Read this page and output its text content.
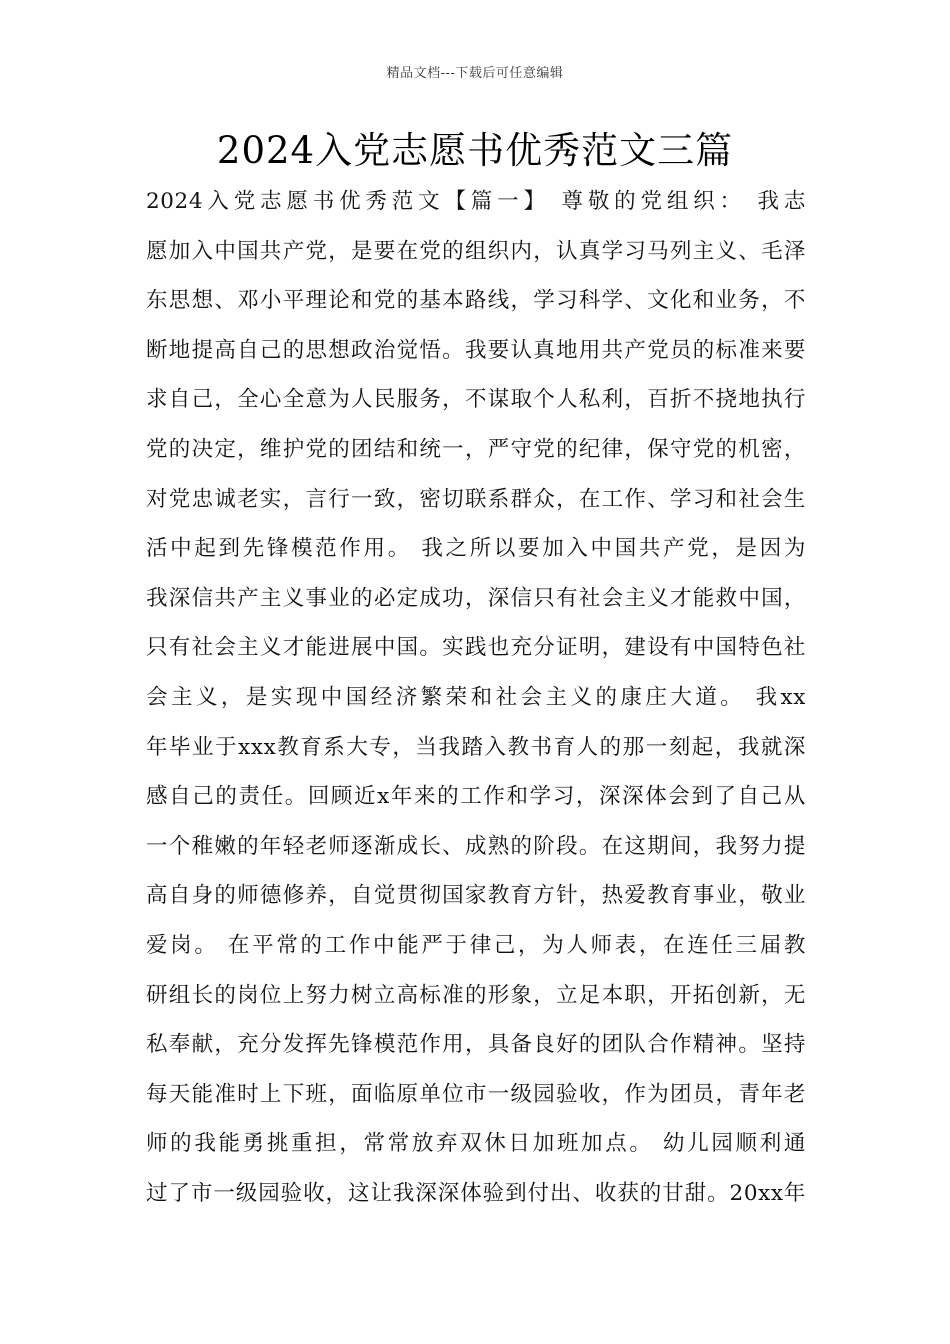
精品文档---下载后可任意编辑
2024入党志愿书优秀范文三篇
2024入党志愿书优秀范文【篇一】 尊敬的党组织： 我志
愿加入中国共产党，是要在党的组织内，认真学习马列主义、毛泽
东思想、邓小平理论和党的基本路线，学习科学、文化和业务，不
断地提高自己的思想政治觉悟。我要认真地用共产党员的标准来要
求自己，全心全意为人民服务，不谋取个人私利，百折不挠地执行
党的决定，维护党的团结和统一，严守党的纪律，保守党的机密，
对党忠诚老实，言行一致，密切联系群众，在工作、学习和社会生
活中起到先锋模范作用。 我之所以要加入中国共产党，是因为
我深信共产主义事业的必定成功，深信只有社会主义才能救中国，
只有社会主义才能进展中国。实践也充分证明，建设有中国特色社
会主义，是实现中国经济繁荣和社会主义的康庄大道。 我xx
年毕业于xxx教育系大专，当我踏入教书育人的那一刻起，我就深
感自己的责任。回顾近x年来的工作和学习，深深体会到了自己从
一个稚嫩的年轻老师逐渐成长、成熟的阶段。在这期间，我努力提
高自身的师德修养，自觉贯彻国家教育方针，热爱教育事业，敬业
爱岗。 在平常的工作中能严于律己，为人师表，在连任三届教
研组长的岗位上努力树立高标准的形象，立足本职，开拓创新，无
私奉献，充分发挥先锋模范作用，具备良好的团队合作精神。坚持
每天能准时上下班，面临原单位市一级园验收，作为团员，青年老
师的我能勇挑重担，常常放弃双休日加班加点。 幼儿园顺利通
过了市一级园验收，这让我深深体验到付出、收获的甘甜。20xx年
